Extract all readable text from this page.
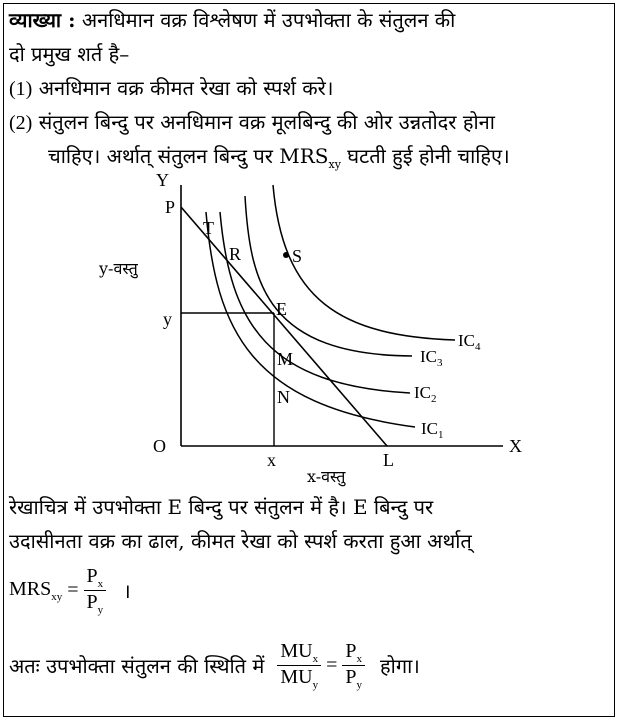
व्याख्या : अनधिमान वक्र विश्लेषण में उपभोक्ता के संतुलन की
दो प्रमुख शर्त है–
(1) अनधिमान वक्र कीमत रेखा को स्पर्श करे।
(2) संतुलन बिन्दु पर अनधिमान वक्र मूलबिन्दु की ओर उन्नतोदर होना
चाहिए। अर्थात् संतुलन बिन्दु पर $MRS_{xy}$ घटती हुई होनी चाहिए।
Y
X
O
P
L
T
R	S
E
M
N
y
x
y-वस्तु
x-वस्तु
$IC_1$
$IC_2$
$IC_3$
$IC_4$
रेखाचित्र में उपभोक्ता E बिन्दु पर संतुलन में है। E बिन्दु पर
उदासीनता वक्र का ढाल, कीमत रेखा को स्पर्श करता हुआ अर्थात्
$MRS_{xy} = \frac{P_x}{P_y}$ ।
अतः उपभोक्ता संतुलन की स्थिति में $\frac{MU_x}{MU_y} = \frac{P_x}{P_y}$ होगा।
